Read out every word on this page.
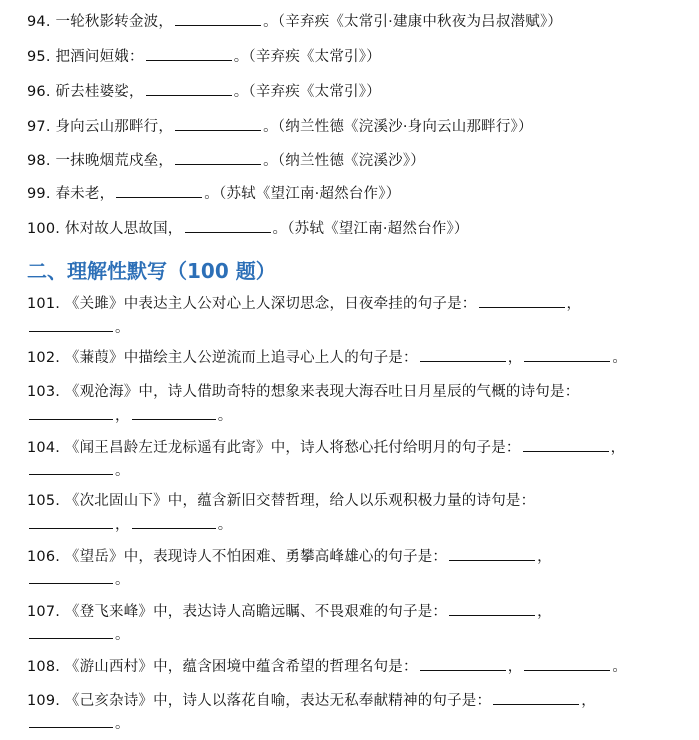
94. 一轮秋影转金波，	。（辛弃疾《太常引·建康中秋夜为吕叔潜赋》）
95. 把酒问姮娥：	。（辛弃疾《太常引》）
96. 斫去桂婆娑，	。（辛弃疾《太常引》）
97. 身向云山那畔行，	。（纳兰性德《浣溪沙·身向云山那畔行》）
98. 一抹晚烟荒戍垒，	。（纳兰性德《浣溪沙》）
99. 春未老，	。（苏轼《望江南·超然台作》）
100. 休对故人思故国，	。（苏轼《望江南·超然台作》）
二、理解性默写（100 题）
101. 《关雎》中表达主人公对心上人深切思念，日夜牵挂的句子是：	，
。
102. 《蒹葭》中描绘主人公逆流而上追寻心上人的句子是：	，	。
103. 《观沧海》中，诗人借助奇特的想象来表现大海吞吐日月星辰的气概的诗句是：
，	。
104. 《闻王昌龄左迁龙标遥有此寄》中，诗人将愁心托付给明月的句子是：	，
。
105. 《次北固山下》中，蕴含新旧交替哲理，给人以乐观积极力量的诗句是：
，	。
106. 《望岳》中，表现诗人不怕困难、勇攀高峰雄心的句子是：	，
。
107. 《登飞来峰》中，表达诗人高瞻远瞩、不畏艰难的句子是：	，
。
108. 《游山西村》中，蕴含困境中蕴含希望的哲理名句是：	，	。
109. 《己亥杂诗》中，诗人以落花自喻，表达无私奉献精神的句子是：	，
。
